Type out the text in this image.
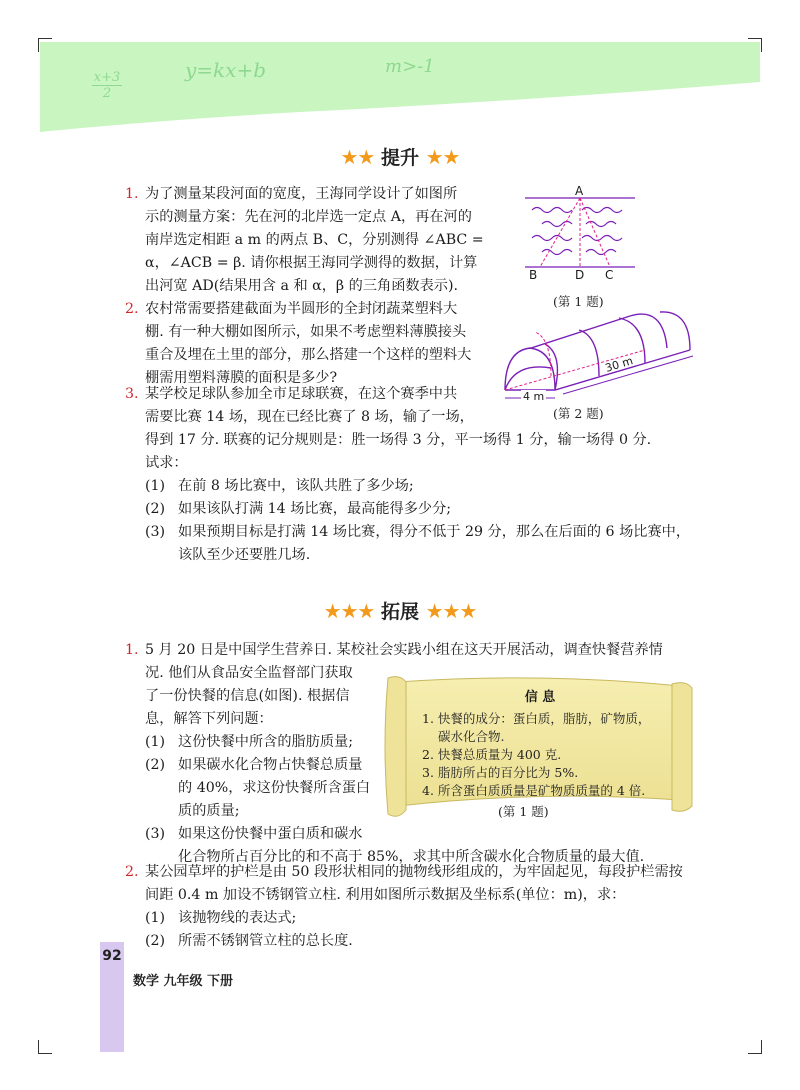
x+3
2
y=kx+b	m>-1
★★ 提升 ★★
1. 为了测量某段河面的宽度，王海同学设计了如图所
示的测量方案：先在河的北岸选一定点 A，再在河的
南岸选定相距 a m 的两点 B、C，分别测得 ∠ABC =
α，∠ACB = β. 请你根据王海同学测得的数据，计算
出河宽 AD(结果用含 a 和 α，β 的三角函数表示).
A
B	D C
(第 1 题)
2. 农村常需要搭建截面为半圆形的全封闭蔬菜塑料大
棚. 有一种大棚如图所示，如果不考虑塑料薄膜接头
重合及埋在土里的部分，那么搭建一个这样的塑料大
棚需用塑料薄膜的面积是多少?
4 m
30 m
(第 2 题)
3. 某学校足球队参加全市足球联赛，在这个赛季中共
需要比赛 14 场，现在已经比赛了 8 场，输了一场，
得到 17 分. 联赛的记分规则是：胜一场得 3 分，平一场得 1 分，输一场得 0 分.
试求：
(1) 在前 8 场比赛中，该队共胜了多少场;
(2) 如果该队打满 14 场比赛，最高能得多少分;
(3) 如果预期目标是打满 14 场比赛，得分不低于 29 分，那么在后面的 6 场比赛中，
该队至少还要胜几场.
★★★ 拓展 ★★★
1. 5 月 20 日是中国学生营养日. 某校社会实践小组在这天开展活动，调查快餐营养情
况. 他们从食品安全监督部门获取
了一份快餐的信息(如图). 根据信
息，解答下列问题：
(1) 这份快餐中所含的脂肪质量;
(2) 如果碳水化合物占快餐总质量
的 40%，求这份快餐所含蛋白
质的质量;
(3) 如果这份快餐中蛋白质和碳水
化合物所占百分比的和不高于 85%，求其中所含碳水化合物质量的最大值.
信 息
1. 快餐的成分：蛋白质，脂肪，矿物质，
碳水化合物.
2. 快餐总质量为 400 克.
3. 脂肪所占的百分比为 5%.
4. 所含蛋白质质量是矿物质质量的 4 倍.
(第 1 题)
2. 某公园草坪的护栏是由 50 段形状相同的抛物线形组成的，为牢固起见，每段护栏需按
间距 0.4 m 加设不锈钢管立柱. 利用如图所示数据及坐标系(单位：m)，求：
(1) 该抛物线的表达式;
(2) 所需不锈钢管立柱的总长度.
92
数学 九年级 下册
